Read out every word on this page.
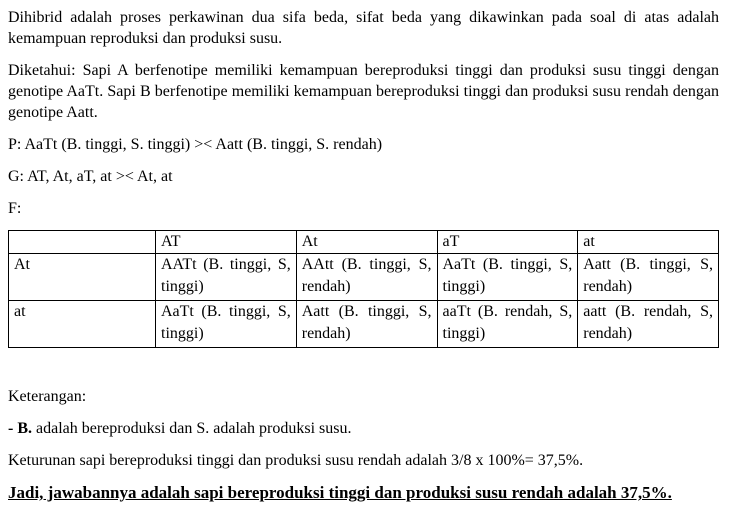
Dihibrid adalah proses perkawinan dua sifa beda, sifat beda yang dikawinkan pada soal di atas adalah kemampuan reproduksi dan produksi susu.

Diketahui: Sapi A berfenotipe memiliki kemampuan bereproduksi tinggi dan produksi susu tinggi dengan genotipe AaTt. Sapi B berfenotipe memiliki kemampuan bereproduksi tinggi dan produksi susu rendah dengan genotipe Aatt.

P: AaTt (B. tinggi, S. tinggi) >< Aatt (B. tinggi, S. rendah)

G: AT, At, aT, at >< At, at

F:

	AT	At	aT	at
At	AATt (B. tinggi, S, tinggi)	AAtt (B. tinggi, S, rendah)	AaTt (B. tinggi, S, tinggi)	Aatt (B. tinggi, S, rendah)
at	AaTt (B. tinggi, S, tinggi)	Aatt (B. tinggi, S, rendah)	aaTt (B. rendah, S, tinggi)	aatt (B. rendah, S, rendah)

Keterangan:

- B. adalah bereproduksi dan S. adalah produksi susu.

Keturunan sapi bereproduksi tinggi dan produksi susu rendah adalah 3/8 x 100%= 37,5%.

Jadi, jawabannya adalah sapi bereproduksi tinggi dan produksi susu rendah adalah 37,5%.
